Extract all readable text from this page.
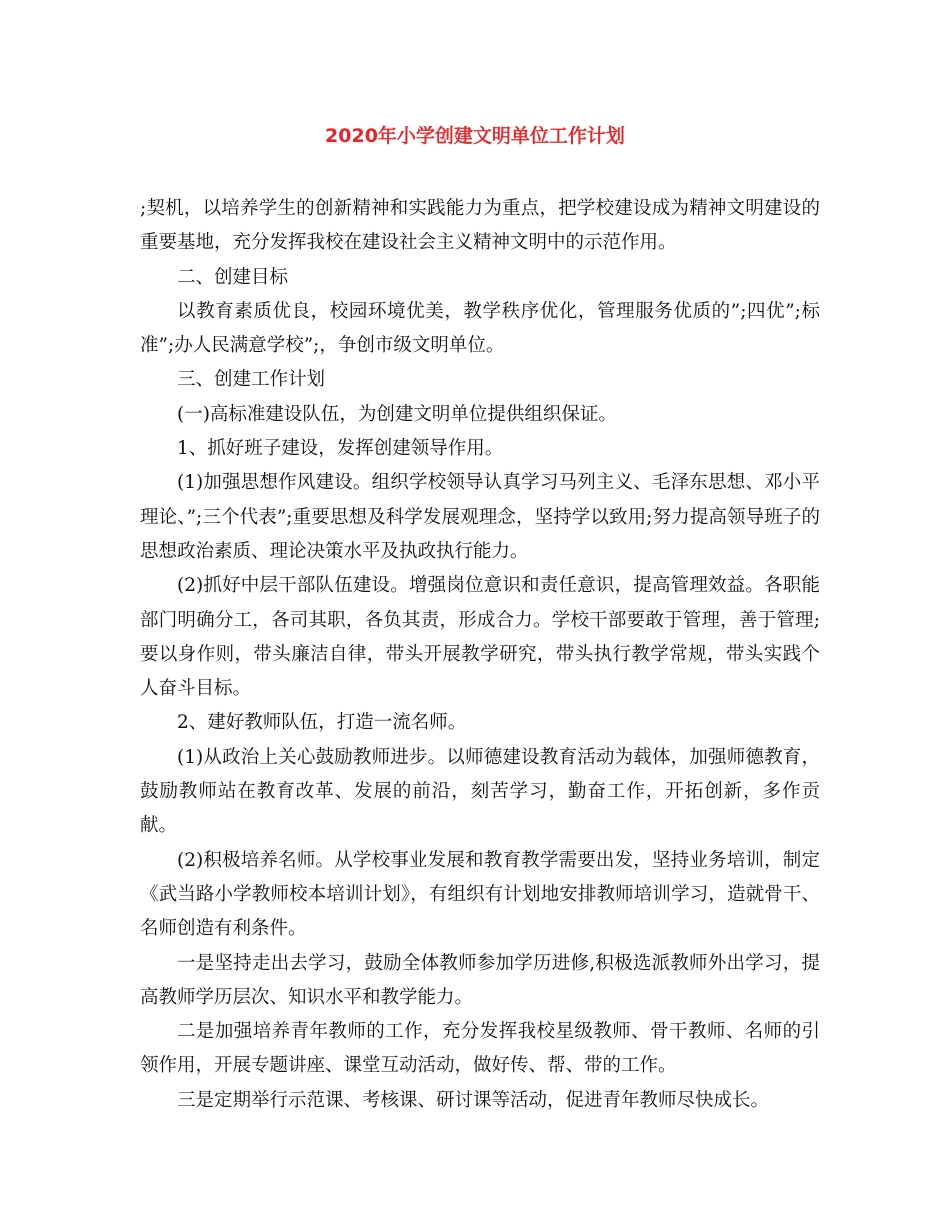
2020年小学创建文明单位工作计划

;契机，以培养学生的创新精神和实践能力为重点，把学校建设成为精神文明建设的重要基地，充分发挥我校在建设社会主义精神文明中的示范作用。

二、创建目标

以教育素质优良，校园环境优美，教学秩序优化，管理服务优质的”;四优”;标准”;办人民满意学校”;，争创市级文明单位。

三、创建工作计划

(一)高标准建设队伍，为创建文明单位提供组织保证。

1、抓好班子建设，发挥创建领导作用。

(1)加强思想作风建设。组织学校领导认真学习马列主义、毛泽东思想、邓小平理论、”;三个代表”;重要思想及科学发展观理念，坚持学以致用;努力提高领导班子的思想政治素质、理论决策水平及执政执行能力。

(2)抓好中层干部队伍建设。增强岗位意识和责任意识，提高管理效益。各职能部门明确分工，各司其职，各负其责，形成合力。学校干部要敢于管理，善于管理;要以身作则，带头廉洁自律，带头开展教学研究，带头执行教学常规，带头实践个人奋斗目标。

2、建好教师队伍，打造一流名师。

(1)从政治上关心鼓励教师进步。以师德建设教育活动为载体，加强师德教育，鼓励教师站在教育改革、发展的前沿，刻苦学习，勤奋工作，开拓创新，多作贡献。

(2)积极培养名师。从学校事业发展和教育教学需要出发，坚持业务培训，制定《武当路小学教师校本培训计划》，有组织有计划地安排教师培训学习，造就骨干、名师创造有利条件。

一是坚持走出去学习，鼓励全体教师参加学历进修,积极选派教师外出学习，提高教师学历层次、知识水平和教学能力。

二是加强培养青年教师的工作，充分发挥我校星级教师、骨干教师、名师的引领作用，开展专题讲座、课堂互动活动，做好传、帮、带的工作。

三是定期举行示范课、考核课、研讨课等活动，促进青年教师尽快成长。
